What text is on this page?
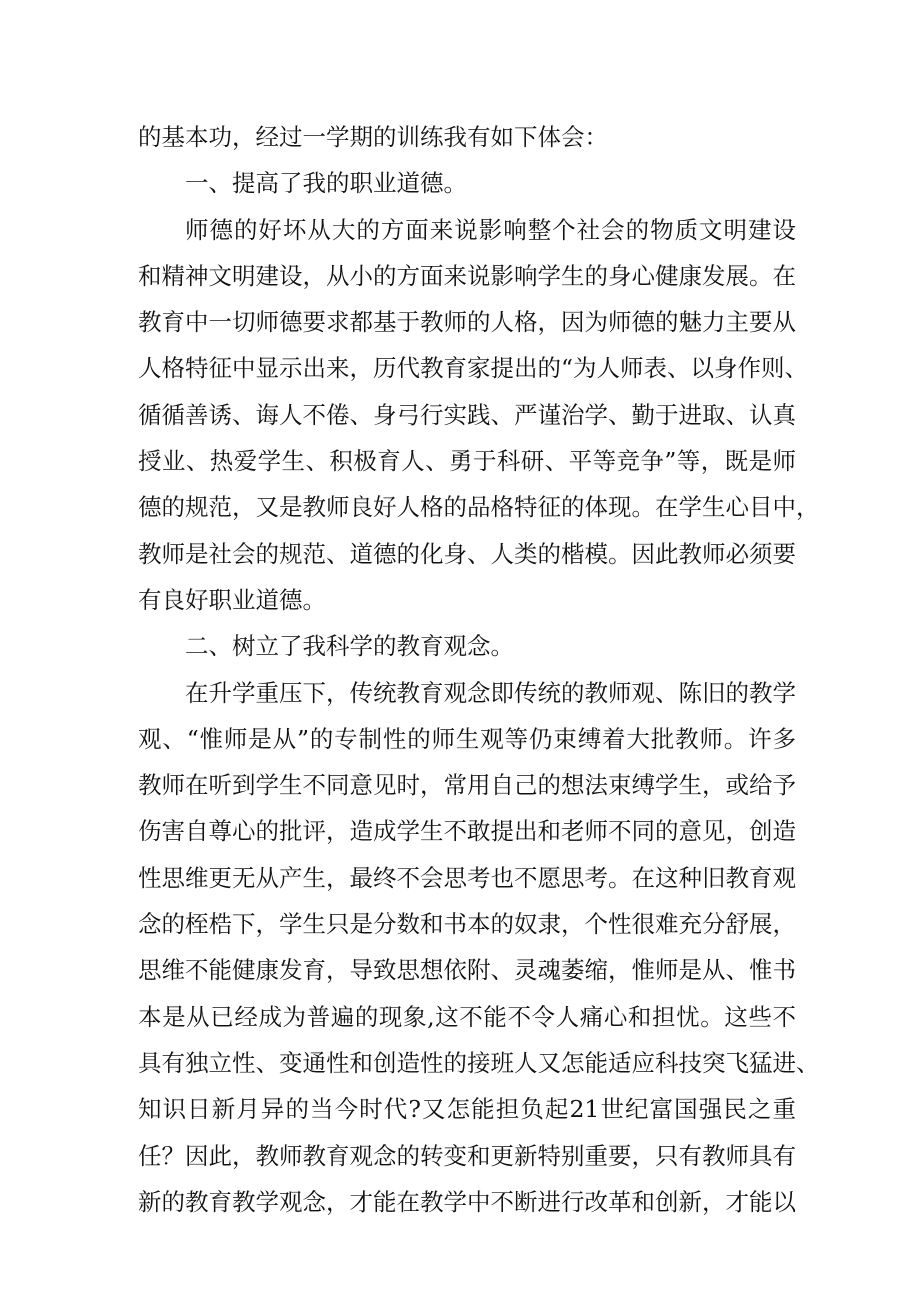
的基本功，经过一学期的训练我有如下体会：
一、提高了我的职业道德。
师德的好坏从大的方面来说影响整个社会的物质文明建设
和精神文明建设，从小的方面来说影响学生的身心健康发展。在
教育中一切师德要求都基于教师的人格，因为师德的魅力主要从
人格特征中显示出来，历代教育家提出的“为人师表、以身作则、
循循善诱、诲人不倦、身弓行实践、严谨治学、勤于进取、认真
授业、热爱学生、积极育人、勇于科研、平等竞争”等，既是师
德的规范，又是教师良好人格的品格特征的体现。在学生心目中，
教师是社会的规范、道德的化身、人类的楷模。因此教师必须要
有良好职业道德。
二、树立了我科学的教育观念。
在升学重压下，传统教育观念即传统的教师观、陈旧的教学
观、“惟师是从”的专制性的师生观等仍束缚着大批教师。许多
教师在听到学生不同意见时，常用自己的想法束缚学生，或给予
伤害自尊心的批评，造成学生不敢提出和老师不同的意见，创造
性思维更无从产生，最终不会思考也不愿思考。在这种旧教育观
念的桎梏下，学生只是分数和书本的奴隶，个性很难充分舒展，
思维不能健康发育，导致思想依附、灵魂萎缩，惟师是从、惟书
本是从已经成为普遍的现象,这不能不令人痛心和担忧。这些不
具有独立性、变通性和创造性的接班人又怎能适应科技突飞猛进、
知识日新月异的当今时代?又怎能担负起21世纪富国强民之重
任？因此，教师教育观念的转变和更新特别重要，只有教师具有
新的教育教学观念，才能在教学中不断进行改革和创新，才能以
